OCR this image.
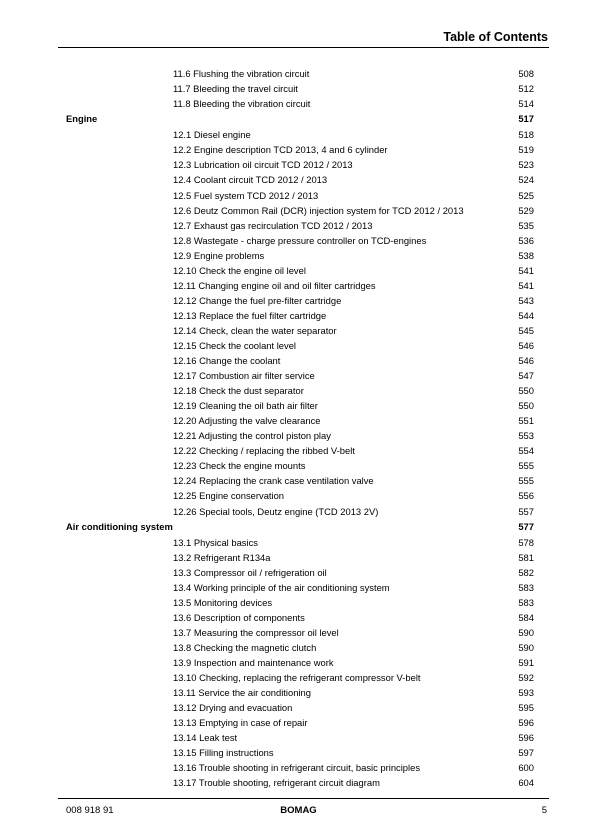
Table of Contents
11.6 Flushing the vibration circuit	508
11.7 Bleeding the travel circuit	512
11.8 Bleeding the vibration circuit	514
Engine	517
12.1 Diesel engine	518
12.2 Engine description TCD 2013, 4 and 6 cylinder	519
12.3 Lubrication oil circuit TCD 2012 / 2013	523
12.4 Coolant circuit TCD 2012 / 2013	524
12.5 Fuel system TCD 2012 / 2013	525
12.6 Deutz Common Rail (DCR) injection system for TCD 2012 / 2013	529
12.7 Exhaust gas recirculation TCD 2012 / 2013	535
12.8 Wastegate - charge pressure controller on TCD-engines	536
12.9 Engine problems	538
12.10 Check the engine oil level	541
12.11 Changing engine oil and oil filter cartridges	541
12.12 Change the fuel pre-filter cartridge	543
12.13 Replace the fuel filter cartridge	544
12.14 Check, clean the water separator	545
12.15 Check the coolant level	546
12.16 Change the coolant	546
12.17 Combustion air filter service	547
12.18 Check the dust separator	550
12.19 Cleaning the oil bath air filter	550
12.20 Adjusting the valve clearance	551
12.21 Adjusting the control piston play	553
12.22 Checking / replacing the ribbed V-belt	554
12.23 Check the engine mounts	555
12.24 Replacing the crank case ventilation valve	555
12.25 Engine conservation	556
12.26 Special tools, Deutz engine (TCD 2013 2V)	557
Air conditioning system	577
13.1 Physical basics	578
13.2 Refrigerant R134a	581
13.3 Compressor oil / refrigeration oil	582
13.4 Working principle of the air conditioning system	583
13.5 Monitoring devices	583
13.6 Description of components	584
13.7 Measuring the compressor oil level	590
13.8 Checking the magnetic clutch	590
13.9 Inspection and maintenance work	591
13.10 Checking, replacing the refrigerant compressor V-belt	592
13.11 Service the air conditioning	593
13.12 Drying and evacuation	595
13.13 Emptying in case of repair	596
13.14 Leak test	596
13.15 Filling instructions	597
13.16 Trouble shooting in refrigerant circuit, basic principles	600
13.17 Trouble shooting, refrigerant circuit diagram	604
008 918 91	BOMAG	5
